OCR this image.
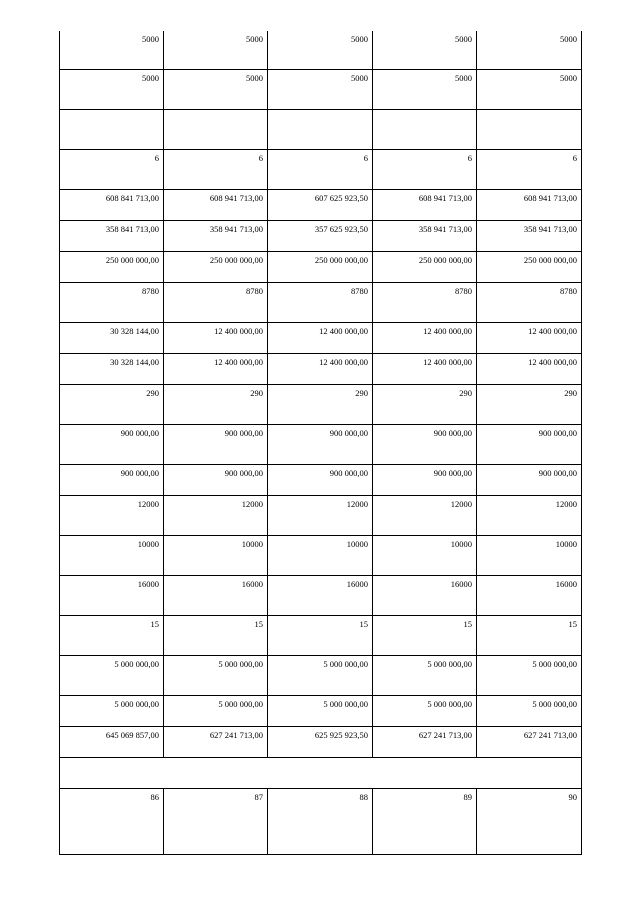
5000	5000	5000	5000	5000
5000	5000	5000	5000	5000

6	6	6	6	6
608 841 713,00	608 941 713,00	607 625 923,50	608 941 713,00	608 941 713,00
358 841 713,00	358 941 713,00	357 625 923,50	358 941 713,00	358 941 713,00
250 000 000,00	250 000 000,00	250 000 000,00	250 000 000,00	250 000 000,00
8780	8780	8780	8780	8780
30 328 144,00	12 400 000,00	12 400 000,00	12 400 000,00	12 400 000,00
30 328 144,00	12 400 000,00	12 400 000,00	12 400 000,00	12 400 000,00
290	290	290	290	290
900 000,00	900 000,00	900 000,00	900 000,00	900 000,00
900 000,00	900 000,00	900 000,00	900 000,00	900 000,00
12000	12000	12000	12000	12000
10000	10000	10000	10000	10000
16000	16000	16000	16000	16000
15	15	15	15	15
5 000 000,00	5 000 000,00	5 000 000,00	5 000 000,00	5 000 000,00
5 000 000,00	5 000 000,00	5 000 000,00	5 000 000,00	5 000 000,00
645 069 857,00	627 241 713,00	625 925 923,50	627 241 713,00	627 241 713,00

86	87	88	89	90
